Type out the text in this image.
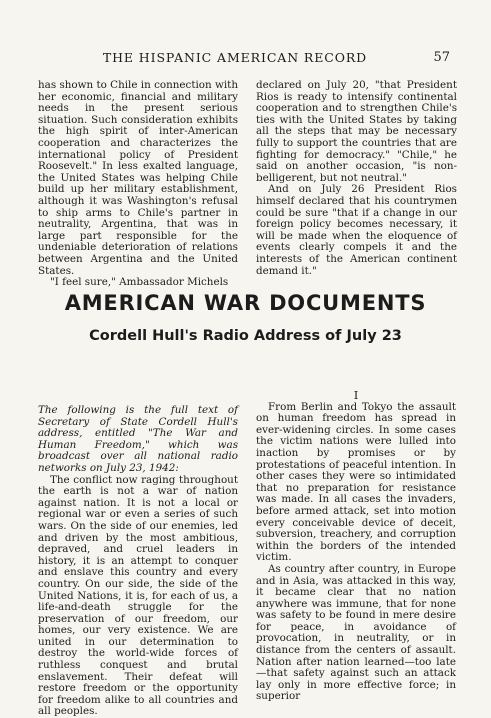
THE HISPANIC AMERICAN RECORD	57

has shown to Chile in connection with her economic, financial and military needs in the present serious situation. Such consideration exhibits the high spirit of inter-American cooperation and characterizes the international policy of President Roosevelt." In less exalted language, the United States was helping Chile build up her military establishment, although it was Washington's refusal to ship arms to Chile's partner in neutrality, Argentina, that was in large part responsible for the undeniable deterioration of relations between Argentina and the United States.

"I feel sure," Ambassador Michels

declared on July 20, "that President Rios is ready to intensify continental cooperation and to strengthen Chile's ties with the United States by taking all the steps that may be necessary fully to support the countries that are fighting for democracy." "Chile," he said on another occasion, "is non-belligerent, but not neutral."

And on July 26 President Rios himself declared that his countrymen could be sure "that if a change in our foreign policy becomes necessary, it will be made when the eloquence of events clearly compels it and the interests of the American continent demand it."

AMERICAN WAR DOCUMENTS
Cordell Hull's Radio Address of July 23

The following is the full text of Secretary of State Cordell Hull's address, entitled "The War and Human Freedom," which was broadcast over all national radio networks on July 23, 1942:

The conflict now raging throughout the earth is not a war of nation against nation. It is not a local or regional war or even a series of such wars. On the side of our enemies, led and driven by the most ambitious, depraved, and cruel leaders in history, it is an attempt to conquer and enslave this country and every country. On our side, the side of the United Nations, it is, for each of us, a life-and-death struggle for the preservation of our freedom, our homes, our very existence. We are united in our determination to destroy the world-wide forces of ruthless conquest and brutal enslavement. Their defeat will restore freedom or the opportunity for freedom alike to all countries and all peoples.

I

From Berlin and Tokyo the assault on human freedom has spread in ever-widening circles. In some cases the victim nations were lulled into inaction by promises or by protestations of peaceful intention. In other cases they were so intimidated that no preparation for resistance was made. In all cases the invaders, before armed attack, set into motion every conceivable device of deceit, subversion, treachery, and corruption within the borders of the intended victim.

As country after country, in Europe and in Asia, was attacked in this way, it became clear that no nation anywhere was immune, that for none was safety to be found in mere desire for peace, in avoidance of provocation, in neutrality, or in distance from the centers of assault. Nation after nation learned—too late—that safety against such an attack lay only in more effective force; in superior
